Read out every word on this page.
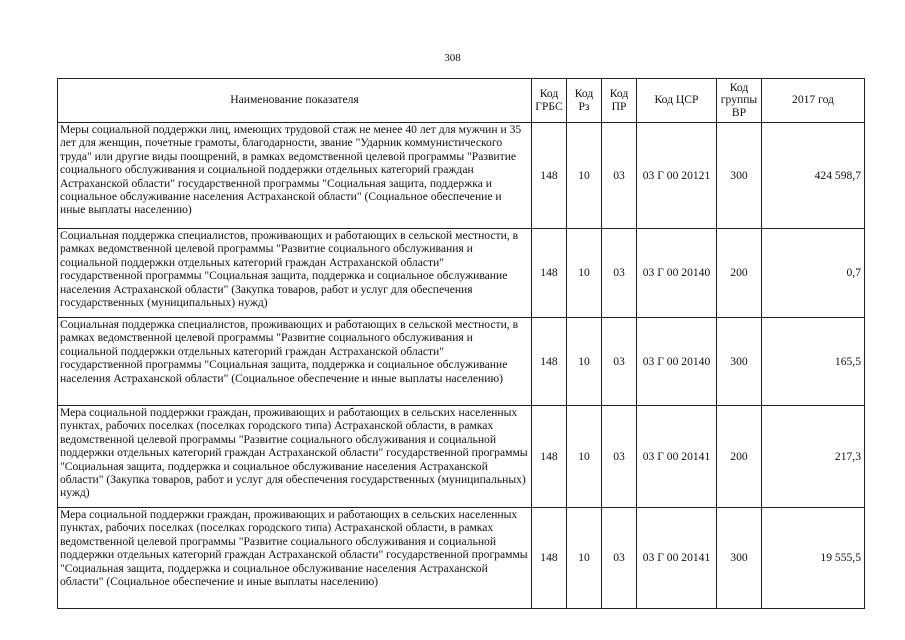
308
Наименование показателя	Код ГРБС	Код Рз	Код ПР	Код ЦСР	Код группы ВР	2017 год
Меры социальной поддержки лиц, имеющих трудовой стаж не менее 40 лет для мужчин и 35 лет для женщин, почетные грамоты, благодарности, звание "Ударник коммунистического труда" или другие виды поощрений, в рамках ведомственной целевой программы "Развитие социального обслуживания и социальной поддержки отдельных категорий граждан Астраханской области" государственной программы "Социальная защита, поддержка и социальное обслуживание населения Астраханской области" (Социальное обеспечение и иные выплаты населению)	148	10	03	03 Г 00 20121	300	424 598,7
Социальная поддержка специалистов, проживающих и работающих в сельской местности, в рамках ведомственной целевой программы "Развитие социального обслуживания и социальной поддержки отдельных категорий граждан Астраханской области" государственной программы "Социальная защита, поддержка и социальное обслуживание населения Астраханской области" (Закупка товаров, работ и услуг для обеспечения государственных (муниципальных) нужд)	148	10	03	03 Г 00 20140	200	0,7
Социальная поддержка специалистов, проживающих и работающих в сельской местности, в рамках ведомственной целевой программы "Развитие социального обслуживания и социальной поддержки отдельных категорий граждан Астраханской области" государственной программы "Социальная защита, поддержка и социальное обслуживание населения Астраханской области" (Социальное обеспечение и иные выплаты населению)	148	10	03	03 Г 00 20140	300	165,5
Мера социальной поддержки граждан, проживающих и работающих в сельских населенных пунктах, рабочих поселках (поселках городского типа) Астраханской области, в рамках ведомственной целевой программы "Развитие социального обслуживания и социальной поддержки отдельных категорий граждан Астраханской области" государственной программы "Социальная защита, поддержка и социальное обслуживание населения Астраханской области" (Закупка товаров, работ и услуг для обеспечения государственных (муниципальных) нужд)	148	10	03	03 Г 00 20141	200	217,3
Мера социальной поддержки граждан, проживающих и работающих в сельских населенных пунктах, рабочих поселках (поселках городского типа) Астраханской области, в рамках ведомственной целевой программы "Развитие социального обслуживания и социальной поддержки отдельных категорий граждан Астраханской области" государственной программы "Социальная защита, поддержка и социальное обслуживание населения Астраханской области" (Социальное обеспечение и иные выплаты населению)	148	10	03	03 Г 00 20141	300	19 555,5
